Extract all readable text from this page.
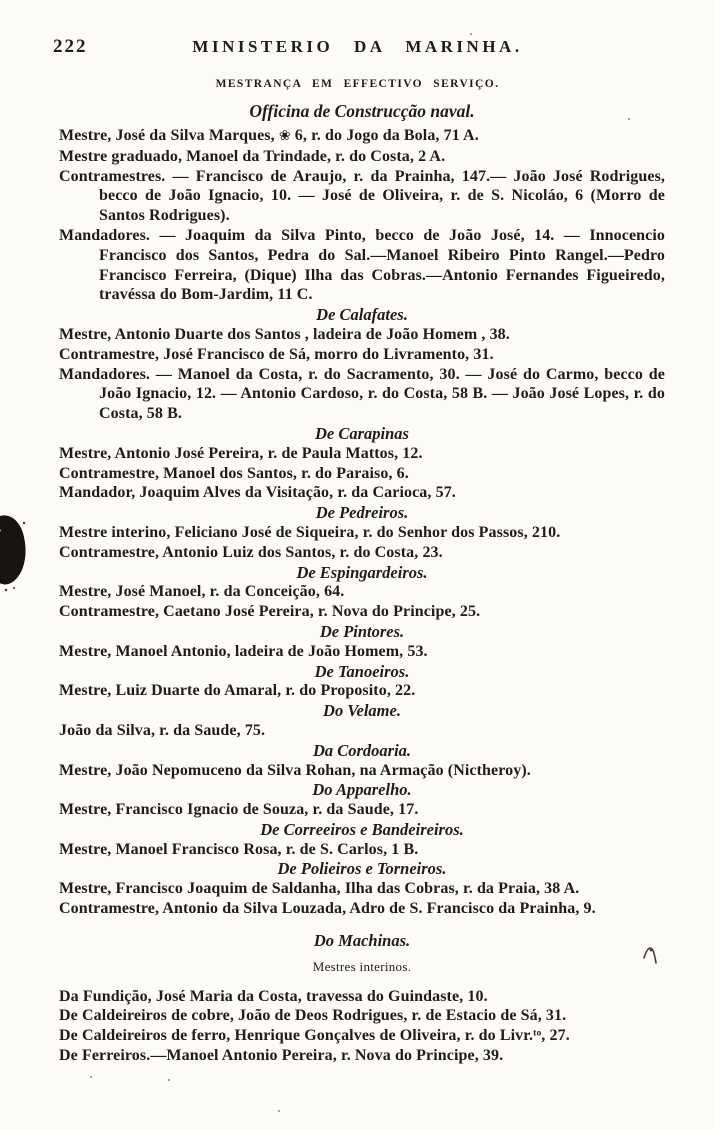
222	MINISTERIO DA MARINHA.
MESTRANÇA EM EFFECTIVO SERVIÇO.

Officina de Construcção naval.

Mestre, José da Silva Marques, ❀ 6, r. do Jogo da Bola, 71 A.

Mestre graduado, Manoel da Trindade, r. do Costa, 2 A.

Contramestres. — Francisco de Araujo, r. da Prainha, 147.— João José Rodrigues, becco de João Ignacio, 10. — José de Oliveira, r. de S. Nicoláo, 6 (Morro de Santos Rodrigues).

Mandadores. — Joaquim da Silva Pinto, becco de João José, 14. — Innocencio Francisco dos Santos, Pedra do Sal.—Manoel Ribeiro Pinto Rangel.—Pedro Francisco Ferreira, (Dique) Ilha das Cobras.—Antonio Fernandes Figueiredo, travéssa do Bom-Jardim, 11 C.

De Calafates.

Mestre, Antonio Duarte dos Santos , ladeira de João Homem , 38.

Contramestre, José Francisco de Sá, morro do Livramento, 31.

Mandadores. — Manoel da Costa, r. do Sacramento, 30. — José do Carmo, becco de João Ignacio, 12. — Antonio Cardoso, r. do Costa, 58 B. — João José Lopes, r. do Costa, 58 B.

De Carapinas

Mestre, Antonio José Pereira, r. de Paula Mattos, 12.

Contramestre, Manoel dos Santos, r. do Paraiso, 6.

Mandador, Joaquim Alves da Visitação, r. da Carioca, 57.

De Pedreiros.

Mestre interino, Feliciano José de Siqueira, r. do Senhor dos Passos, 210.

Contramestre, Antonio Luiz dos Santos, r. do Costa, 23.

De Espingardeiros.

Mestre, José Manoel, r. da Conceição, 64.

Contramestre, Caetano José Pereira, r. Nova do Principe, 25.

De Pintores.

Mestre, Manoel Antonio, ladeira de João Homem, 53.

De Tanoeiros.

Mestre, Luiz Duarte do Amaral, r. do Proposito, 22.

Do Velame.

João da Silva, r. da Saude, 75.

Da Cordoaria.

Mestre, João Nepomuceno da Silva Rohan, na Armação (Nictheroy).

Do Apparelho.

Mestre, Francisco Ignacio de Souza, r. da Saude, 17.

De Correeiros e Bandeireiros.

Mestre, Manoel Francisco Rosa, r. de S. Carlos, 1 B.

De Polieiros e Torneiros.

Mestre, Francisco Joaquim de Saldanha, Ilha das Cobras, r. da Praia, 38 A.

Contramestre, Antonio da Silva Louzada, Adro de S. Francisco da Prainha, 9.

Do Machinas.

Mestres interinos.

Da Fundição, José Maria da Costa, travessa do Guindaste, 10.

De Caldeireiros de cobre, João de Deos Rodrigues, r. de Estacio de Sá, 31.

De Caldeireiros de ferro, Henrique Gonçalves de Oliveira, r. do Livr.ᵗᵒ, 27.

De Ferreiros.—Manoel Antonio Pereira, r. Nova do Principe, 39.
